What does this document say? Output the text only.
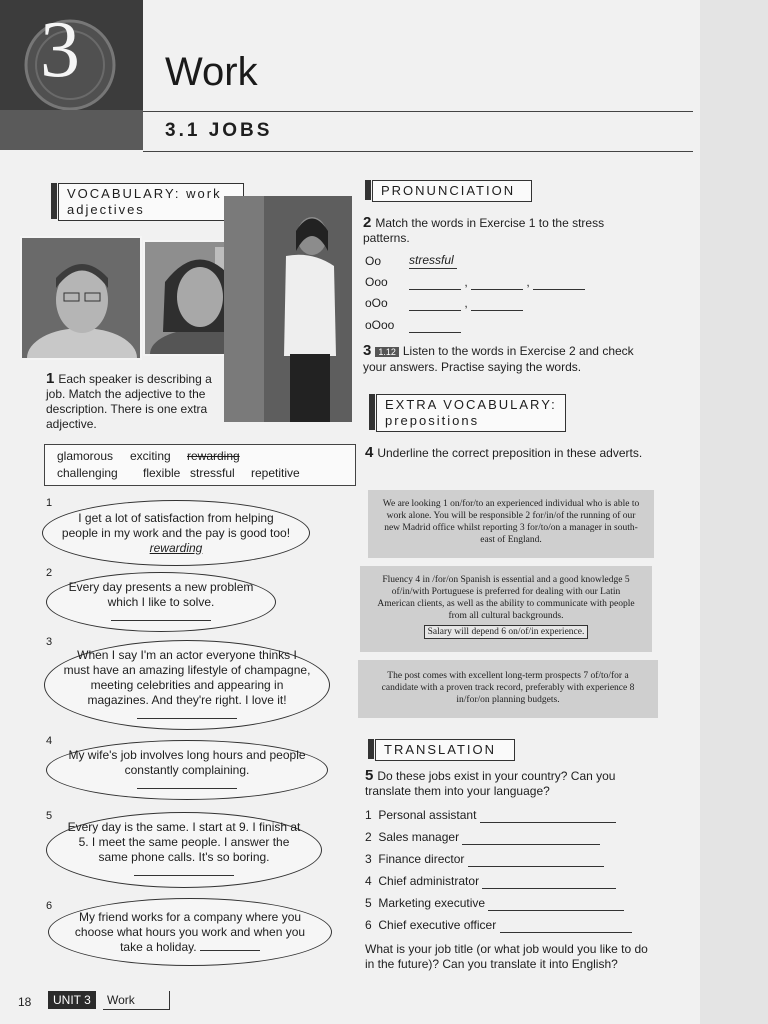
3 Work
3.1 JOBS
VOCABULARY: work
adjectives
1 Each speaker is describing a job. Match the adjective to the description. There is one extra adjective.
glamorous exciting rewarding
challenging flexible stressful repetitive
1
I get a lot of satisfaction from helping people in my work and the pay is good too! rewarding
2
Every day presents a new problem which I like to solve.

3
When I say I'm an actor everyone thinks I must have an amazing lifestyle of champagne, meeting celebrities and appearing in magazines. And they're right. I love it!

4
My wife's job involves long hours and people constantly complaining.

5
Every day is the same. I start at 9. I finish at 5. I meet the same people. I answer the same phone calls. It's so boring.

6
My friend works for a company where you choose what hours you work and when you take a holiday.
PRONUNCIATION
2 Match the words in Exercise 1 to the stress patterns.
Oo stressful
Ooo	,	,
oOo	,
oOoo
3 1.12 Listen to the words in Exercise 2 and check your answers. Practise saying the words.
EXTRA VOCABULARY:
prepositions
4 Underline the correct preposition in these adverts.
We are looking 1 on/for/to an experienced individual who is able to work alone. You will be responsible 2 for/in/of the running of our new Madrid office whilst reporting 3 for/to/on a manager in south-east of England.
Fluency 4 in /for/on Spanish is essential and a good knowledge 5 of/in/with Portuguese is preferred for dealing with our Latin American clients, as well as the ability to communicate with people from all cultural backgrounds.
Salary will depend 6 on/of/in experience.
The post comes with excellent long-term prospects 7 of/to/for a candidate with a proven track record, preferably with experience 8 in/for/on planning budgets.
TRANSLATION
5 Do these jobs exist in your country? Can you translate them into your language?
1 Personal assistant
2 Sales manager
3 Finance director
4 Chief administrator
5 Marketing executive
6 Chief executive officer
What is your job title (or what job would you like to do in the future)? Can you translate it into English?
18	UNIT 3	Work
